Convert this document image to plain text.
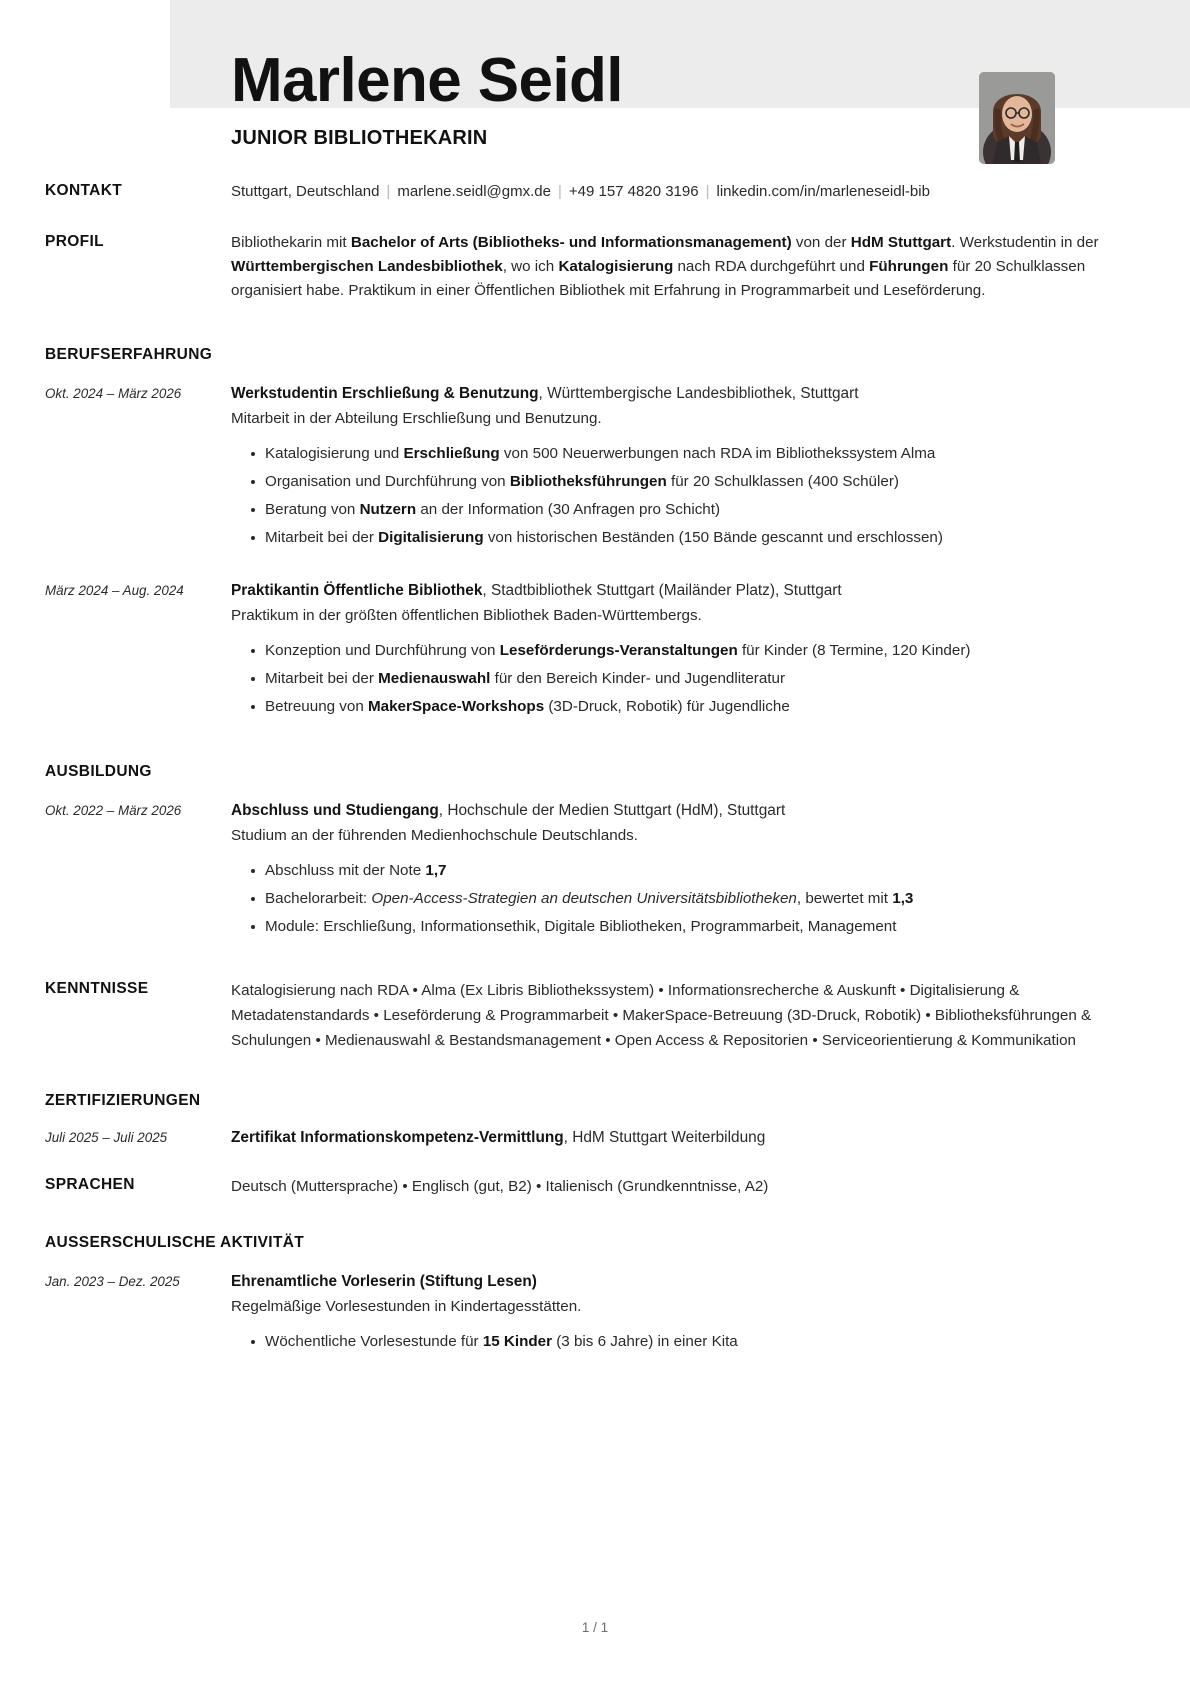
Marlene Seidl
JUNIOR BIBLIOTHEKARIN
KONTAKT	Stuttgart, Deutschland | marlene.seidl@gmx.de | +49 157 4820 3196 | linkedin.com/in/marleneseidl-bib
PROFIL	Bibliothekarin mit Bachelor of Arts (Bibliotheks- und Informationsmanagement) von der HdM Stuttgart. Werkstudentin in der Württembergischen Landesbibliothek, wo ich Katalogisierung nach RDA durchgeführt und Führungen für 20 Schulklassen organisiert habe. Praktikum in einer Öffentlichen Bibliothek mit Erfahrung in Programmarbeit und Leseförderung.
BERUFSERFAHRUNG
Okt. 2024 – März 2026	Werkstudentin Erschließung & Benutzung, Württembergische Landesbibliothek, Stuttgart
Mitarbeit in der Abteilung Erschließung und Benutzung.
Katalogisierung und Erschließung von 500 Neuerwerbungen nach RDA im Bibliothekssystem Alma
Organisation und Durchführung von Bibliotheksführungen für 20 Schulklassen (400 Schüler)
Beratung von Nutzern an der Information (30 Anfragen pro Schicht)
Mitarbeit bei der Digitalisierung von historischen Beständen (150 Bände gescannt und erschlossen)
März 2024 – Aug. 2024	Praktikantin Öffentliche Bibliothek, Stadtbibliothek Stuttgart (Mailänder Platz), Stuttgart
Praktikum in der größten öffentlichen Bibliothek Baden-Württembergs.
Konzeption und Durchführung von Leseförderungs-Veranstaltungen für Kinder (8 Termine, 120 Kinder)
Mitarbeit bei der Medienauswahl für den Bereich Kinder- und Jugendliteratur
Betreuung von MakerSpace-Workshops (3D-Druck, Robotik) für Jugendliche
AUSBILDUNG
Okt. 2022 – März 2026	Abschluss und Studiengang, Hochschule der Medien Stuttgart (HdM), Stuttgart
Studium an der führenden Medienhochschule Deutschlands.
Abschluss mit der Note 1,7
Bachelorarbeit: Open-Access-Strategien an deutschen Universitätsbibliotheken, bewertet mit 1,3
Module: Erschließung, Informationsethik, Digitale Bibliotheken, Programmarbeit, Management
KENNTNISSE	Katalogisierung nach RDA • Alma (Ex Libris Bibliothekssystem) • Informationsrecherche & Auskunft • Digitalisierung & Metadatenstandards • Leseförderung & Programmarbeit • MakerSpace-Betreuung (3D-Druck, Robotik) • Bibliotheksführungen & Schulungen • Medienauswahl & Bestandsmanagement • Open Access & Repositorien • Serviceorientierung & Kommunikation
ZERTIFIZIERUNGEN
Juli 2025 – Juli 2025	Zertifikat Informationskompetenz-Vermittlung, HdM Stuttgart Weiterbildung
SPRACHEN	Deutsch (Muttersprache) • Englisch (gut, B2) • Italienisch (Grundkenntnisse, A2)
AUSSERSCHULISCHE AKTIVITÄT
Jan. 2023 – Dez. 2025	Ehrenamtliche Vorleserin (Stiftung Lesen)
Regelmäßige Vorlesestunden in Kindertagesstätten.
Wöchentliche Vorlesestunde für 15 Kinder (3 bis 6 Jahre) in einer Kita
1 / 1
